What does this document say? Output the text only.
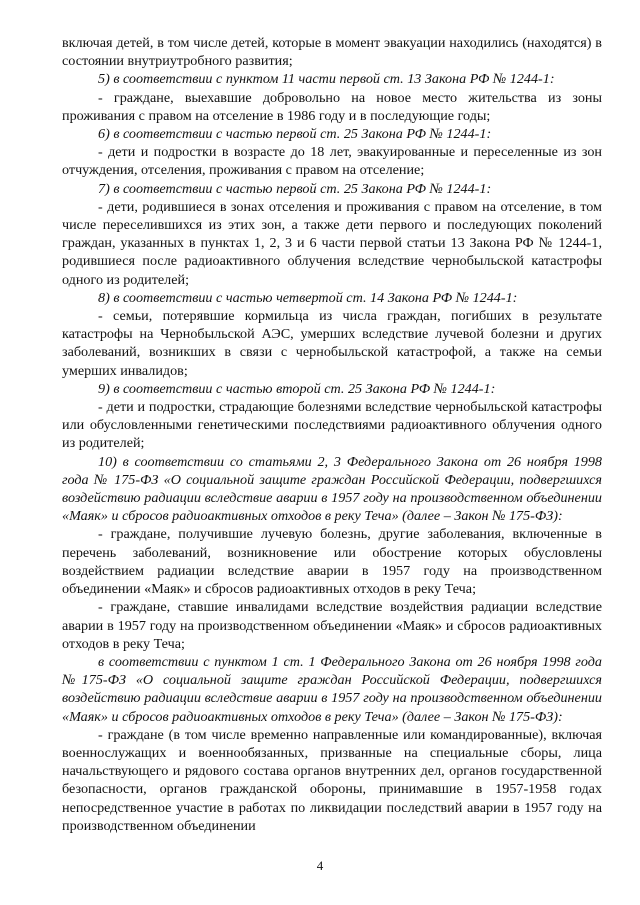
включая детей, в том числе детей, которые в момент эвакуации находились (находятся) в состоянии внутриутробного развития;

5) в соответствии с пунктом 11 части первой ст. 13 Закона РФ № 1244-1:

- граждане, выехавшие добровольно на новое место жительства из зоны проживания с правом на отселение в 1986 году и в последующие годы;

6) в соответствии с частью первой ст. 25 Закона РФ № 1244-1:

- дети и подростки в возрасте до 18 лет, эвакуированные и переселенные из зон отчуждения, отселения, проживания с правом на отселение;

7) в соответствии с частью первой ст. 25 Закона РФ № 1244-1:

- дети, родившиеся в зонах отселения и проживания с правом на отселение, в том числе переселившихся из этих зон, а также дети первого и последующих поколений граждан, указанных в пунктах 1, 2, 3 и 6 части первой статьи 13 Закона РФ № 1244-1, родившиеся после радиоактивного облучения вследствие чернобыльской катастрофы одного из родителей;

8) в соответствии с частью четвертой ст. 14 Закона РФ № 1244-1:

- семьи, потерявшие кормильца из числа граждан, погибших в результате катастрофы на Чернобыльской АЭС, умерших вследствие лучевой болезни и других заболеваний, возникших в связи с чернобыльской катастрофой, а также на семьи умерших инвалидов;

9) в соответствии с частью второй ст. 25 Закона РФ № 1244-1:

- дети и подростки, страдающие болезнями вследствие чернобыльской катастрофы или обусловленными генетическими последствиями радиоактивного облучения одного из родителей;

10) в соответствии со статьями 2, 3 Федерального Закона от 26 ноября 1998 года № 175-ФЗ «О социальной защите граждан Российской Федерации, подвергшихся воздействию радиации вследствие аварии в 1957 году на производственном объединении «Маяк» и сбросов радиоактивных отходов в реку Теча» (далее – Закон № 175-ФЗ):

- граждане, получившие лучевую болезнь, другие заболевания, включенные в перечень заболеваний, возникновение или обострение которых обусловлены воздействием радиации вследствие аварии в 1957 году на производственном объединении «Маяк» и сбросов радиоактивных отходов в реку Теча;

- граждане, ставшие инвалидами вследствие воздействия радиации вследствие аварии в 1957 году на производственном объединении «Маяк» и сбросов радиоактивных отходов в реку Теча;

в соответствии с пунктом 1 ст. 1 Федерального Закона от 26 ноября 1998 года №175-ФЗ «О социальной защите граждан Российской Федерации, подвергшихся воздействию радиации вследствие аварии в 1957 году на производственном объединении «Маяк» и сбросов радиоактивных отходов в реку Теча» (далее – Закон № 175-ФЗ):

- граждане (в том числе временно направленные или командированные), включая военнослужащих и военнообязанных, призванные на специальные сборы, лица начальствующего и рядового состава органов внутренних дел, органов государственной безопасности, органов гражданской обороны, принимавшие в 1957-1958 годах непосредственное участие в работах по ликвидации последствий аварии в 1957 году на производственном объединении

4
